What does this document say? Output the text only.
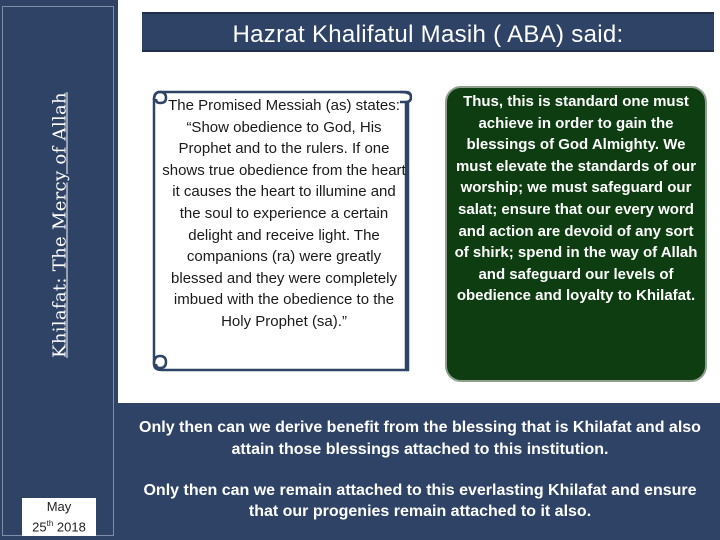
Khilafat: The Mercy of Allah
May
25th 2018
Hazrat Khalifatul Masih ( ABA) said:
The Promised Messiah (as) states: “Show obedience to God, His Prophet and to the rulers. If one shows true obedience from the heart it causes the heart to illumine and the soul to experience a certain delight and receive light. The companions (ra) were greatly blessed and they were completely imbued with the obedience to the Holy Prophet (sa).”
Thus, this is standard one must achieve in order to gain the blessings of God Almighty. We must elevate the standards of our worship; we must safeguard our salat; ensure that our every word and action are devoid of any sort of shirk; spend in the way of Allah and safeguard our levels of obedience and loyalty to Khilafat.
Only then can we derive benefit from the blessing that is Khilafat and also attain those blessings attached to this institution.
Only then can we remain attached to this everlasting Khilafat and ensure that our progenies remain attached to it also.
